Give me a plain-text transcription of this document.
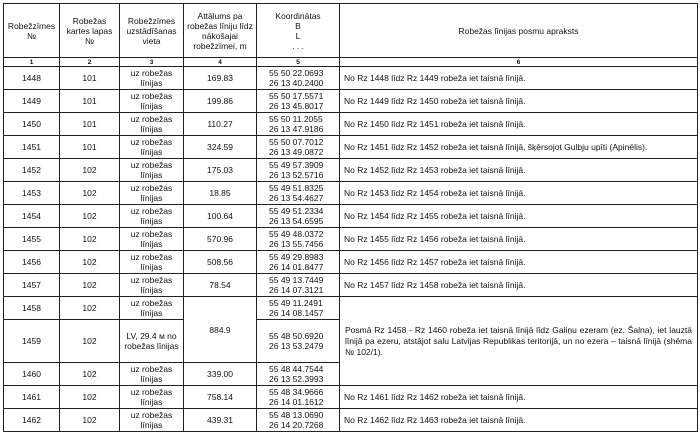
Robežzīmes №	Robežas kartes lapas №	Robežzīmes uzstādīšanas vieta	Attālums pa robežas līniju līdz nākošajai robežzīmei, m	Koordinātas
B
L
. . .	Robežas līnijas posmu apraksts
1	2	3	4	5	6
1448	101	uz robežas līnijas	169.83	55 50 22.0693
26 13 40.2400	No Rz 1448 līdz Rz 1449 robeža iet taisnā līnijā.
1449	101	uz robežas līnijas	199.86	55 50 17.5571
26 13 45.8017	No Rz 1449 līdz Rz 1450 robeža iet taisnā līnijā.
1450	101	uz robežas līnijas	110.27	55 50 11.2055
26 13 47.9186	No Rz 1450 līdz Rz 1451 robeža iet taisnā līnijā.
1451	101	uz robežas līnijas	324.59	55 50 07.7012
26 13 49.0872	No Rz 1451 līdz Rz 1452 robeža iet taisnā līnijā, šķērsojot Gulbju upīti (Apinēlis).
1452	102	uz robežas līnijas	175.03	55 49 57.3909
26 13 52.5716	No Rz 1452 līdz Rz 1453 robeža iet taisnā līnijā.
1453	102	uz robežas līnijas	18.85	55 49 51.8325
26 13 54.4627	No Rz 1453 līdz Rz 1454 robeža iet taisnā līnijā.
1454	102	uz robežas līnijas	100.64	55 49 51.2334
26 13 54.6595	No Rz 1454 līdz Rz 1455 robeža iet taisnā līnijā.
1455	102	uz robežas līnijas	570.96	55 49 48.0372
26 13 55.7456	No Rz 1455 līdz Rz 1456 robeža iet taisnā līnijā.
1456	102	uz robežas līnijas	508.56	55 49 29.8983
26 14 01.8477	No Rz 1456 līdz Rz 1457 robeža iet taisnā līnijā.
1457	102	uz robežas līnijas	78.54	55 49 13.7449
26 14 07.3121	No Rz 1457 līdz Rz 1458 robeža iet taisnā līnijā.
1458	102	uz robežas līnijas	884.9	55 49 11.2491
26 14 08.1457	Posmā Rz 1458 - Rz 1460 robeža iet taisnā līnijā līdz Galiņu ezeram (ez. Šalna), iet lauztā līnijā pa ezeru, atstājot salu Latvijas Republikas teritorijā, un no ezera – taisnā līnijā (shēma № 102/1).
1459	102	LV, 29.4 м no robežas līnijas		55 48 50.6920
26 13 53.2479	
1460	102	uz robežas līnijas	339.00	55 48 44.7544
26 13 52.3993	
1461	102	uz robežas līnijas	758.14	55 48 34.9666
26 14 01.1612	No Rz 1461 līdz Rz 1462 robeža iet taisnā līnijā.
1462	102	uz robežas līnijas	439.31	55 48 13.0690
26 14 20.7268	No Rz 1462 līdz Rz 1463 robeža iet taisnā līnijā.
